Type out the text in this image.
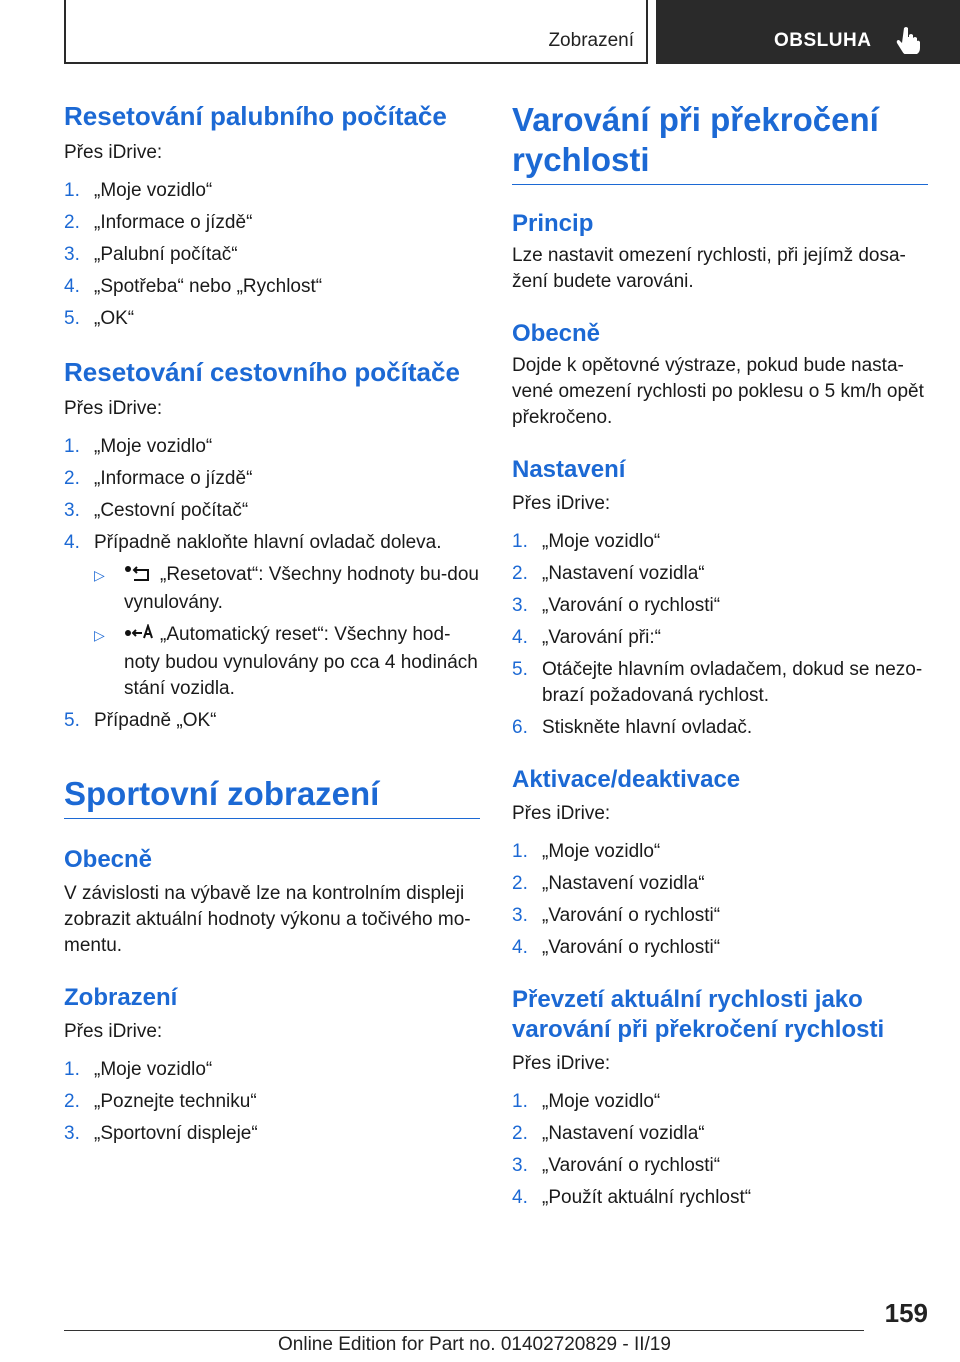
Zobrazení	OBSLUHA
Resetování palubního počítače

Přes iDrive:

1. „Moje vozidlo“
2. „Informace o jízdě“
3. „Palubní počítač“
4. „Spotřeba“ nebo „Rychlost“
5. „OK“
Resetování cestovního počítače

Přes iDrive:

1. „Moje vozidlo“
2. „Informace o jízdě“
3. „Cestovní počítač“
4. Případně nakloňte hlavní ovladač doleva.
▷	„Resetovat“: Všechny hodnoty bu-dou vynulovány.
▷	„Automatický reset“: Všechny hod-noty budou vynulovány po cca 4 hodinách stání vozidla.
5. Případně „OK“
Sportovní zobrazení
Obecně

V závislosti na výbavě lze na kontrolním displeji zobrazit aktuální hodnoty výkonu a točivého mo-mentu.

Zobrazení

Přes iDrive:

1. „Moje vozidlo“
2. „Poznejte techniku“
3. „Sportovní displeje“
Varování při překročení rychlosti
Princip

Lze nastavit omezení rychlosti, při jejímž dosa-žení budete varováni.

Obecně

Dojde k opětovné výstraze, pokud bude nasta-vené omezení rychlosti po poklesu o 5 km/h opět překročeno.

Nastavení

Přes iDrive:

1. „Moje vozidlo“
2. „Nastavení vozidla“
3. „Varování o rychlosti“
4. „Varování při:“
5. Otáčejte hlavním ovladačem, dokud se nezo-brazí požadovaná rychlost.
6. Stiskněte hlavní ovladač.
Aktivace/deaktivace

Přes iDrive:

1. „Moje vozidlo“
2. „Nastavení vozidla“
3. „Varování o rychlosti“
4. „Varování o rychlosti“
Převzetí aktuální rychlosti jako varování při překročení rychlosti

Přes iDrive:

1. „Moje vozidlo“
2. „Nastavení vozidla“
3. „Varování o rychlosti“
4. „Použít aktuální rychlost“
159
Online Edition for Part no. 01402720829 - II/19
